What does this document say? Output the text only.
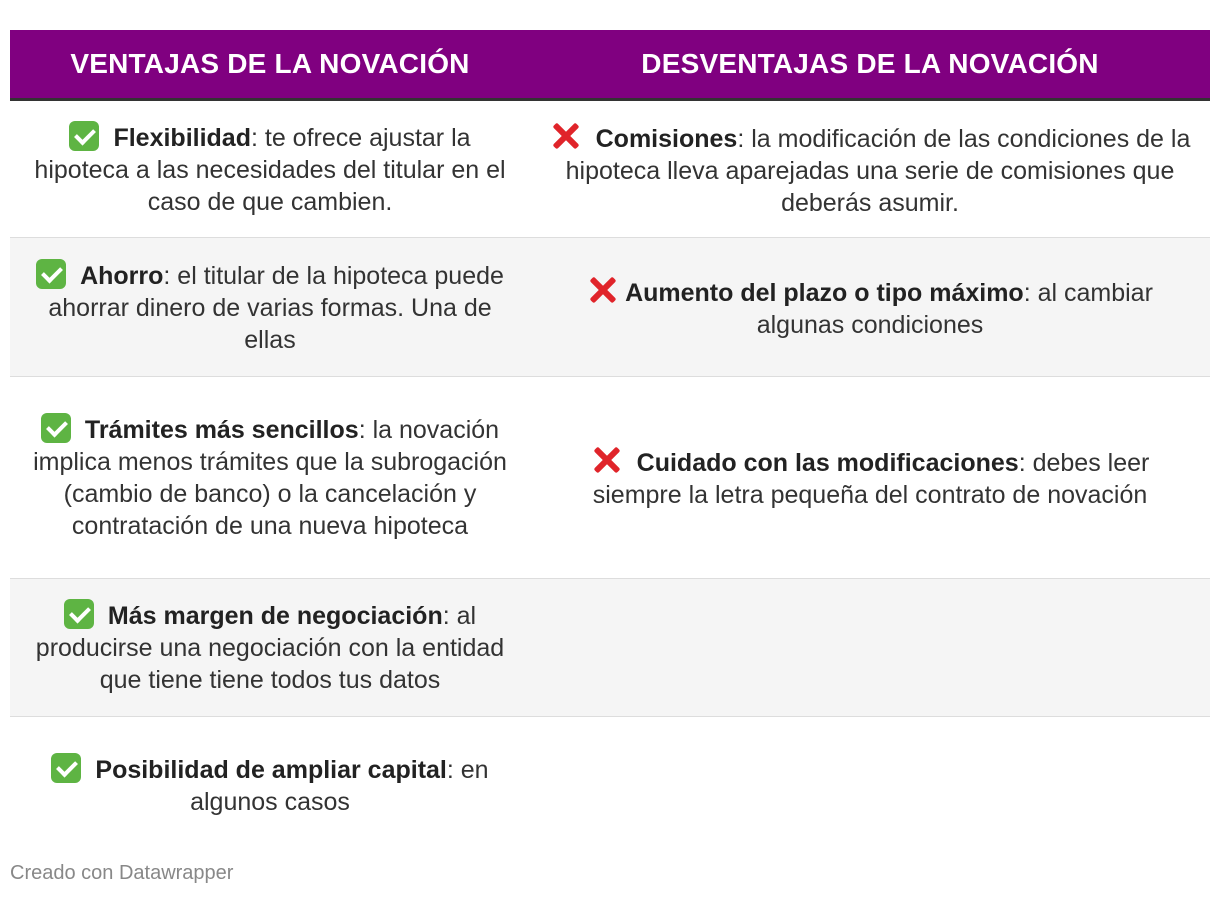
VENTAJAS DE LA NOVACIÓN	DESVENTAJAS DE LA NOVACIÓN
Flexibilidad: te ofrece ajustar la hipoteca a las necesidades del titular en el caso de que cambien.	Comisiones: la modificación de las condiciones de la hipoteca lleva aparejadas una serie de comisiones que deberás asumir.
Ahorro: el titular de la hipoteca puede ahorrar dinero de varias formas. Una de ellas	Aumento del plazo o tipo máximo: al cambiar algunas condiciones
Trámites más sencillos: la novación implica menos trámites que la subrogación (cambio de banco) o la cancelación y contratación de una nueva hipoteca	Cuidado con las modificaciones: debes leer siempre la letra pequeña del contrato de novación
Más margen de negociación: al producirse una negociación con la entidad que tiene tiene todos tus datos	
Posibilidad de ampliar capital: en algunos casos	
Creado con Datawrapper
